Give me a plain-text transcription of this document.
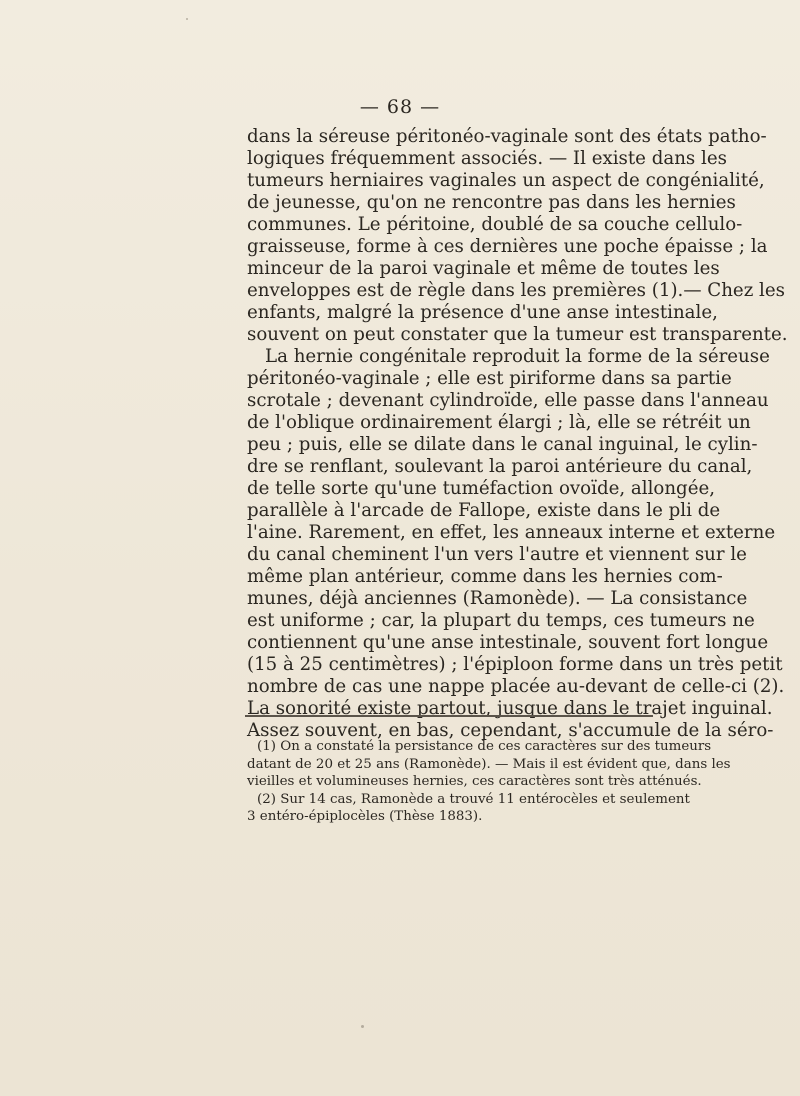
— 68 —
dans la séreuse péritonéo-vaginale sont des états patho-
logiques fréquemment associés. — Il existe dans les
tumeurs herniaires vaginales un aspect de congénialité,
de jeunesse, qu'on ne rencontre pas dans les hernies
communes. Le péritoine, doublé de sa couche cellulo-
graisseuse, forme à ces dernières une poche épaisse ; la
minceur de la paroi vaginale et même de toutes les
enveloppes est de règle dans les premières (1).— Chez les
enfants, malgré la présence d'une anse intestinale,
souvent on peut constater que la tumeur est transparente.
La hernie congénitale reproduit la forme de la séreuse
péritonéo-vaginale ; elle est piriforme dans sa partie
scrotale ; devenant cylindroïde, elle passe dans l'anneau
de l'oblique ordinairement élargi ; là, elle se rétréit un
peu ; puis, elle se dilate dans le canal inguinal, le cylin-
dre se renflant, soulevant la paroi antérieure du canal,
de telle sorte qu'une tuméfaction ovoïde, allongée,
parallèle à l'arcade de Fallope, existe dans le pli de
l'aine. Rarement, en effet, les anneaux interne et externe
du canal cheminent l'un vers l'autre et viennent sur le
même plan antérieur, comme dans les hernies com-
munes, déjà anciennes (Ramonède). — La consistance
est uniforme ; car, la plupart du temps, ces tumeurs ne
contiennent qu'une anse intestinale, souvent fort longue
(15 à 25 centimètres) ; l'épiploon forme dans un très petit
nombre de cas une nappe placée au-devant de celle-ci (2).
La sonorité existe partout, jusque dans le trajet inguinal.
Assez souvent, en bas, cependant, s'accumule de la séro-
(1) On a constaté la persistance de ces caractères sur des tumeurs
datant de 20 et 25 ans (Ramonède). — Mais il est évident que, dans les
vieilles et volumineuses hernies, ces caractères sont très atténués.
(2) Sur 14 cas, Ramonède a trouvé 11 entérocèles et seulement
3 entéro-épiplocèles (Thèse 1883).
